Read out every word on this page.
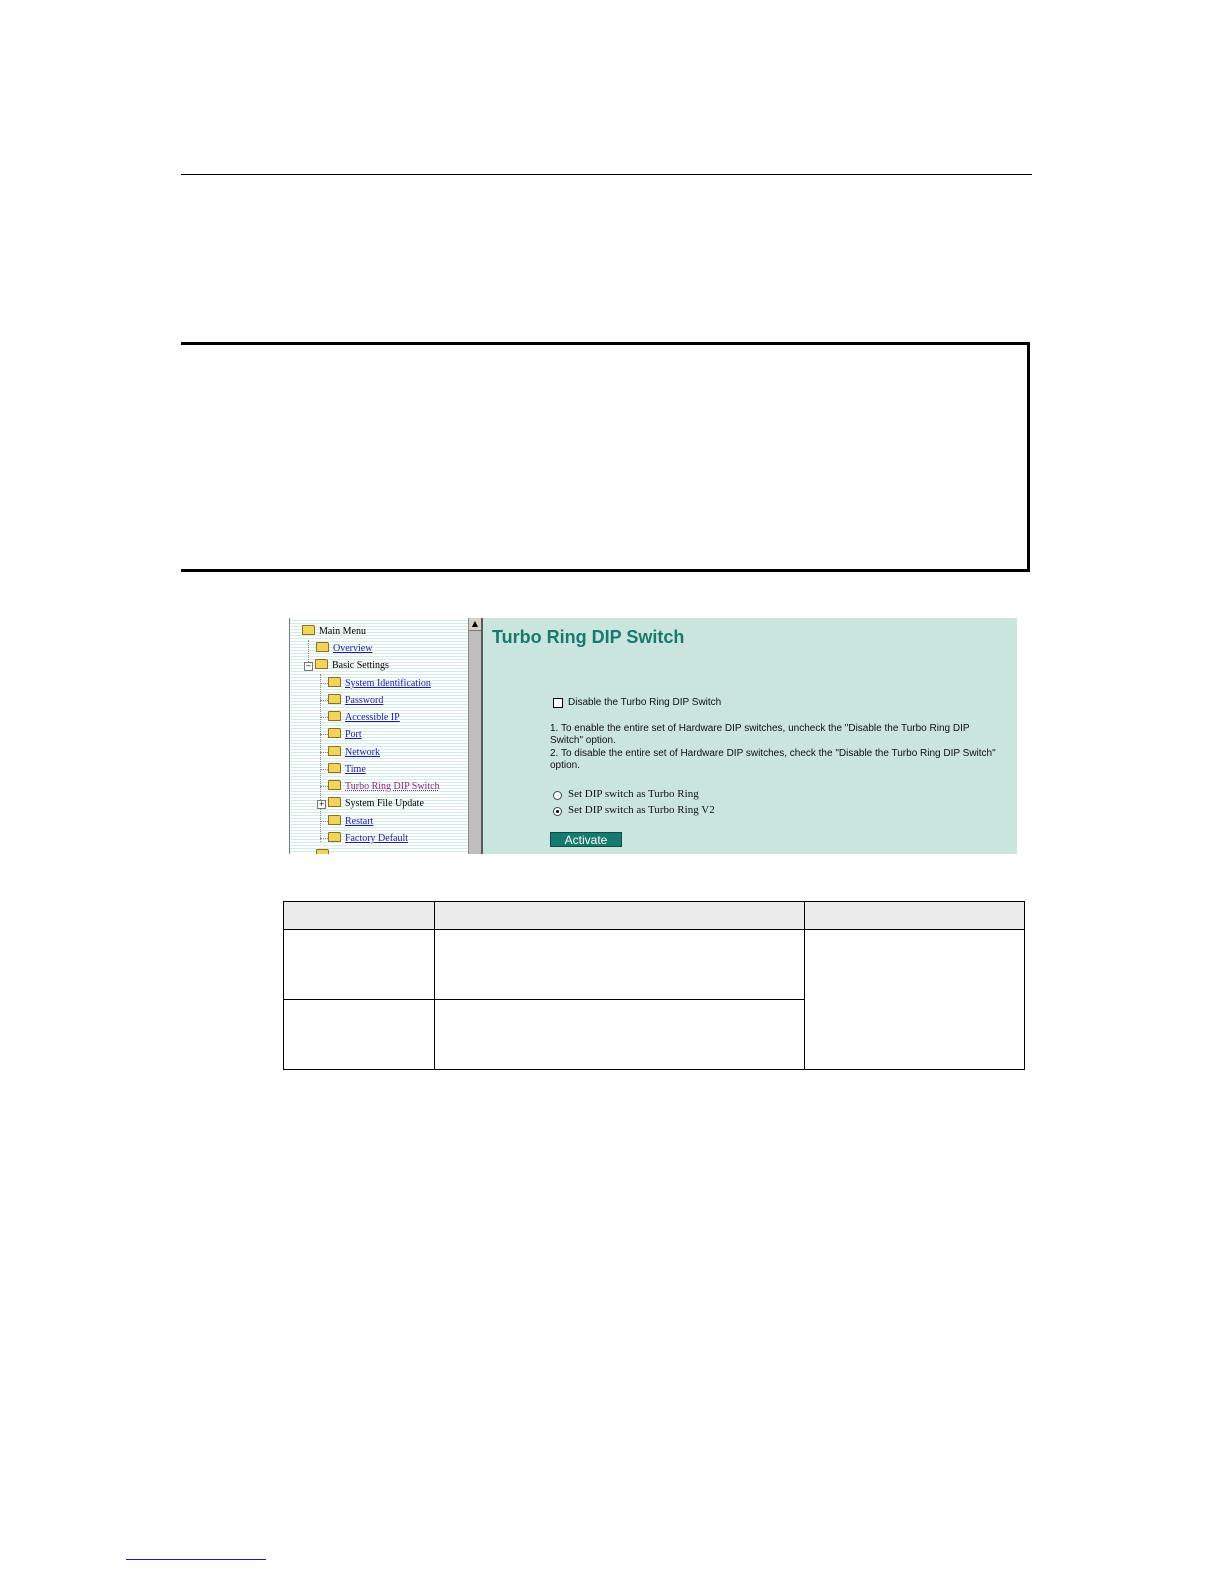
Main Menu
Overview
− Basic Settings
System Identification
Password
Accessible IP
Port
Network
Time
Turbo Ring DIP Switch
+ System File Update
Restart
Factory Default
▲
Turbo Ring DIP Switch
Disable the Turbo Ring DIP Switch
1. To enable the entire set of Hardware DIP switches, uncheck the "Disable the Turbo Ring DIP
Switch" option.
2. To disable the entire set of Hardware DIP switches, check the "Disable the Turbo Ring DIP Switch"
option.
Set DIP switch as Turbo Ring
Set DIP switch as Turbo Ring V2
Activate
